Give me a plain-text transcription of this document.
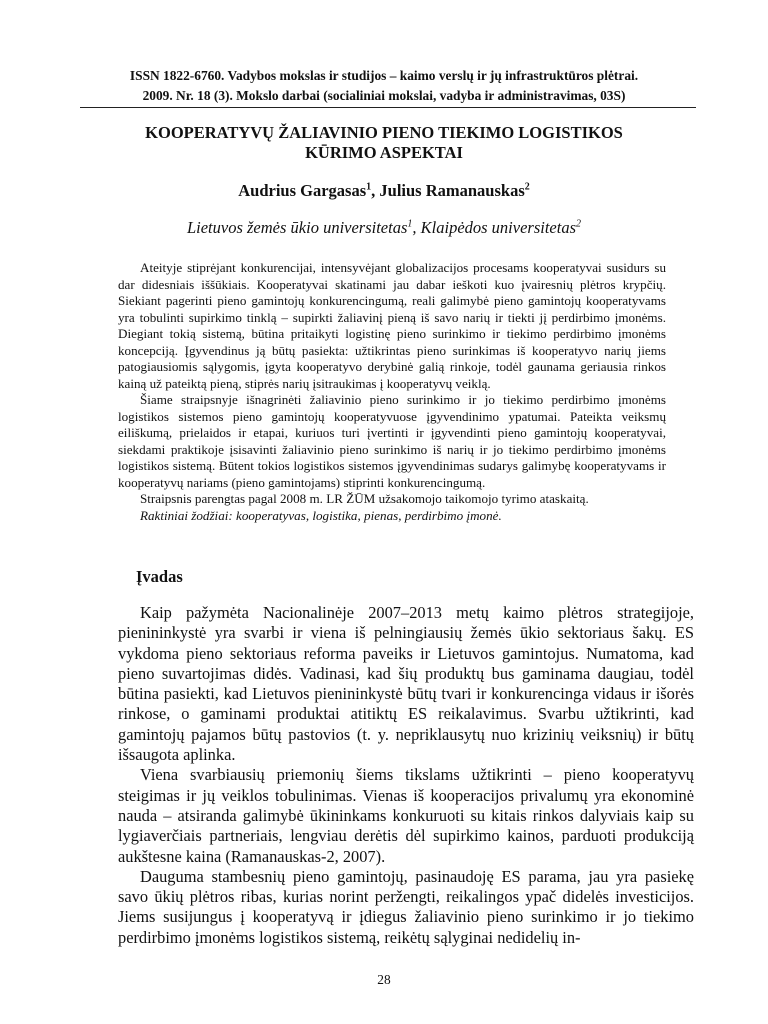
ISSN 1822-6760. Vadybos mokslas ir studijos – kaimo verslų ir jų infrastruktūros plėtrai.
2009. Nr. 18 (3). Mokslo darbai (socialiniai mokslai, vadyba ir administravimas, 03S)
KOOPERATYVŲ ŽALIAVINIO PIENO TIEKIMO LOGISTIKOS
KŪRIMO ASPEKTAI
Audrius Gargasas$^1$, Julius Ramanauskas$^2$
Lietuvos žemės ūkio universitetas$^1$, Klaipėdos universitetas$^2$

Ateityje stiprėjant konkurencijai, intensyvėjant globalizacijos procesams kooperatyvai susidurs su dar didesniais iššūkiais. Kooperatyvai skatinami jau dabar ieškoti kuo įvairesnių plėtros krypčių. Siekiant pagerinti pieno gamintojų konkurencingumą, reali galimybė pieno gamintojų kooperatyvams yra tobulinti supirkimo tinklą – supirkti žaliavinį pieną iš savo narių ir tiekti jį perdirbimo įmonėms. Diegiant tokią sistemą, būtina pritaikyti logistinę pieno surinkimo ir tiekimo perdirbimo įmonėms koncepciją. Įgyvendinus ją būtų pasiekta: užtikrintas pieno surinkimas iš kooperatyvo narių jiems patogiausiomis sąlygomis, įgyta kooperatyvo derybinė galią rinkoje, todėl gaunama geriausia rinkos kainą už pateiktą pieną, stiprės narių įsitraukimas į kooperatyvų veiklą.

Šiame straipsnyje išnagrinėti žaliavinio pieno surinkimo ir jo tiekimo perdirbimo įmonėms logistikos sistemos pieno gamintojų kooperatyvuose įgyvendinimo ypatumai. Pateikta veiksmų eiliškumą, prielaidos ir etapai, kuriuos turi įvertinti ir įgyvendinti pieno gamintojų kooperatyvai, siekdami praktikoje įsisavinti žaliavinio pieno surinkimo iš narių ir jo tiekimo perdirbimo įmonėms logistikos sistemą. Būtent tokios logistikos sistemos įgyvendinimas sudarys galimybę kooperatyvams ir kooperatyvų nariams (pieno gamintojams) stiprinti konkurencingumą.

Straipsnis parengtas pagal 2008 m. LR ŽŪM užsakomojo taikomojo tyrimo ataskaitą.

Raktiniai žodžiai: kooperatyvas, logistika, pienas, perdirbimo įmonė.

Įvadas

Kaip pažymėta Nacionalinėje 2007–2013 metų kaimo plėtros strategijoje, pienininkystė yra svarbi ir viena iš pelningiausių žemės ūkio sektoriaus šakų. ES vykdoma pieno sektoriaus reforma paveiks ir Lietuvos gamintojus. Numatoma, kad pieno suvartojimas didės. Vadinasi, kad šių produktų bus gaminama daugiau, todėl būtina pasiekti, kad Lietuvos pienininkystė būtų tvari ir konkurencinga vidaus ir išorės rinkose, o gaminami produktai atitiktų ES reikalavimus. Svarbu užtikrinti, kad gamintojų pajamos būtų pastovios (t. y. nepriklausytų nuo krizinių veiksnių) ir būtų išsaugota aplinka.

Viena svarbiausių priemonių šiems tikslams užtikrinti – pieno kooperatyvų steigimas ir jų veiklos tobulinimas. Vienas iš kooperacijos privalumų yra ekonominė nauda – atsiranda galimybė ūkininkams konkuruoti su kitais rinkos dalyviais kaip su lygiaverčiais partneriais, lengviau derėtis dėl supirkimo kainos, parduoti produkciją aukštesne kaina (Ramanauskas-2, 2007).

Dauguma stambesnių pieno gamintojų, pasinaudoję ES parama, jau yra pasiekę savo ūkių plėtros ribas, kurias norint peržengti, reikalingos ypač didelės investicijos. Jiems susijungus į kooperatyvą ir įdiegus žaliavinio pieno surinkimo ir jo tiekimo perdirbimo įmonėms logistikos sistemą, reikėtų sąlyginai nedidelių in-

28
